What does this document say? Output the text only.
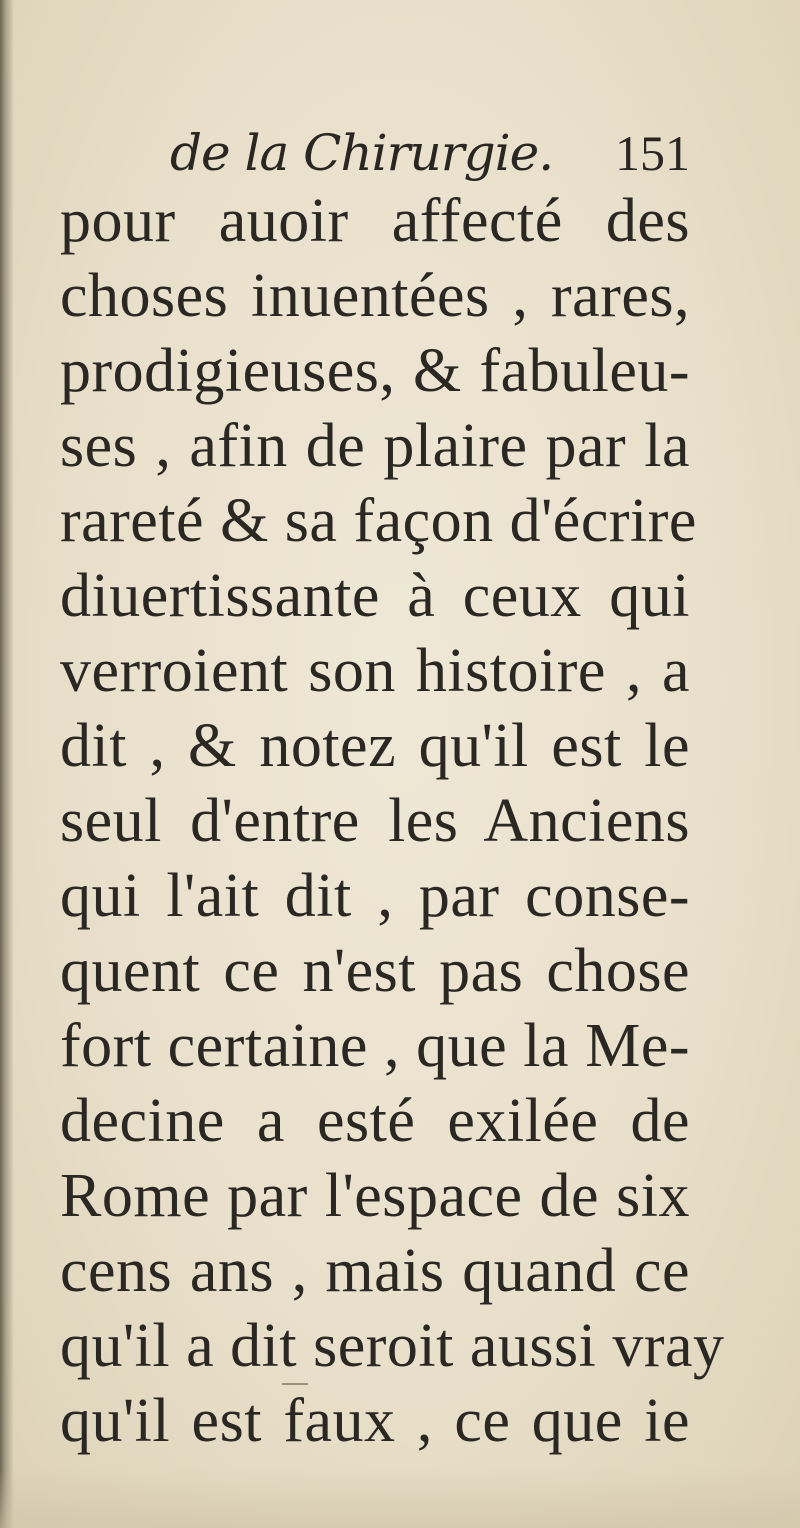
de la Chirurgie. 151
pour auoir affecté des
choses inuentées , rares,
prodigieuses, & fabuleu-
ses , afin de plaire par la
rareté & sa façon d'écrire
diuertissante à ceux qui
verroient son histoire , a
dit , & notez qu'il est le
seul d'entre les Anciens
qui l'ait dit , par conse-
quent ce n'est pas chose
fort certaine , que la Me-
decine a esté exilée de
Rome par l'espace de six
cens ans , mais quand ce
qu'il a dit seroit aussi vray
qu'il est faux , ce que ie
